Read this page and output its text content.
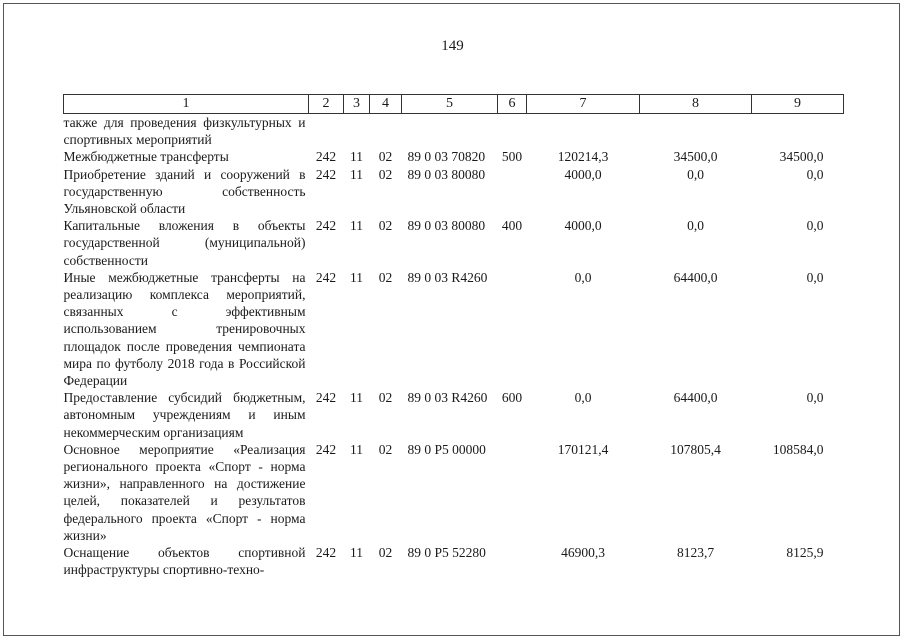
149
1	2	3	4	5	6	7	8	9
также для проведения физкультурных и спортивных мероприятий								
Межбюджетные трансферты	242	11	02	89 0 03 70820	500	120214,3	34500,0	34500,0
Приобретение зданий и сооружений в государственную собственность Ульяновской области	242	11	02	89 0 03 80080		4000,0	0,0	0,0
Капитальные вложения в объекты государственной (муниципальной) собственности	242	11	02	89 0 03 80080	400	4000,0	0,0	0,0
Иные межбюджетные трансферты на реализацию комплекса мероприятий, связанных с эффективным использованием тренировочных площадок после проведения чемпионата мира по футболу 2018 года в Российской Федерации	242	11	02	89 0 03 R4260		0,0	64400,0	0,0
Предоставление субсидий бюджетным, автономным учреждениям и иным некоммерческим организациям	242	11	02	89 0 03 R4260	600	0,0	64400,0	0,0
Основное мероприятие «Реализация регионального проекта «Спорт - норма жизни», направленного на достижение целей, показателей и результатов федерального проекта «Спорт - норма жизни»	242	11	02	89 0 P5 00000		170121,4	107805,4	108584,0
Оснащение объектов спортивной инфраструктуры спортивно-техно-	242	11	02	89 0 P5 52280		46900,3	8123,7	8125,9
